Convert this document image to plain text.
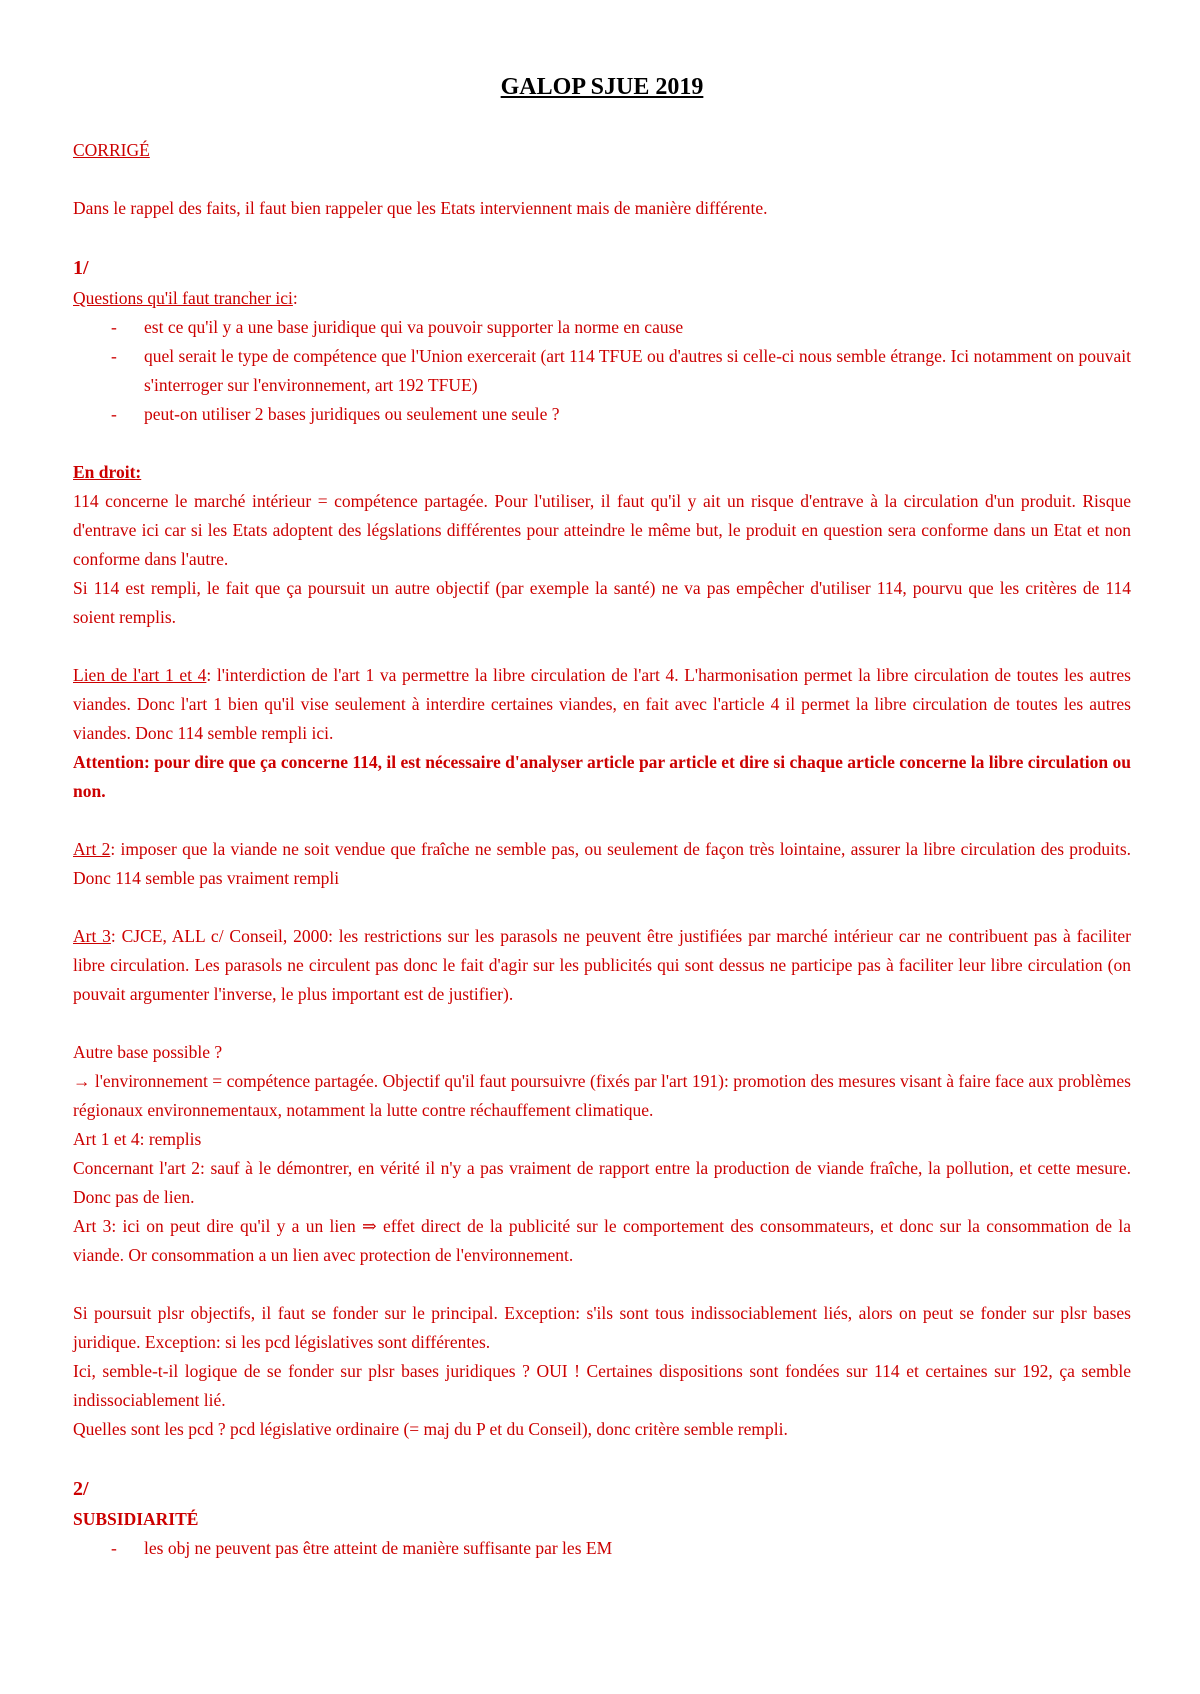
GALOP SJUE 2019

CORRIGÉ

Dans le rappel des faits, il faut bien rappeler que les Etats interviennent mais de manière différente.

1/

Questions qu'il faut trancher ici:

- est ce qu'il y a une base juridique qui va pouvoir supporter la norme en cause
- quel serait le type de compétence que l'Union exercerait (art 114 TFUE ou d'autres si celle-ci nous semble étrange. Ici notamment on pouvait s'interroger sur l'environnement, art 192 TFUE)
- peut-on utiliser 2 bases juridiques ou seulement une seule ?

En droit:

114 concerne le marché intérieur = compétence partagée. Pour l'utiliser, il faut qu'il y ait un risque d'entrave à la circulation d'un produit. Risque d'entrave ici car si les Etats adoptent des légslations différentes pour atteindre le même but, le produit en question sera conforme dans un Etat et non conforme dans l'autre.

Si 114 est rempli, le fait que ça poursuit un autre objectif (par exemple la santé) ne va pas empêcher d'utiliser 114, pourvu que les critères de 114 soient remplis.

Lien de l'art 1 et 4: l'interdiction de l'art 1 va permettre la libre circulation de l'art 4. L'harmonisation permet la libre circulation de toutes les autres viandes. Donc l'art 1 bien qu'il vise seulement à interdire certaines viandes, en fait avec l'article 4 il permet la libre circulation de toutes les autres viandes. Donc 114 semble rempli ici.

Attention: pour dire que ça concerne 114, il est nécessaire d'analyser article par article et dire si chaque article concerne la libre circulation ou non.

Art 2: imposer que la viande ne soit vendue que fraîche ne semble pas, ou seulement de façon très lointaine, assurer la libre circulation des produits. Donc 114 semble pas vraiment rempli

Art 3: CJCE, ALL c/ Conseil, 2000: les restrictions sur les parasols ne peuvent être justifiées par marché intérieur car ne contribuent pas à faciliter libre circulation. Les parasols ne circulent pas donc le fait d'agir sur les publicités qui sont dessus ne participe pas à faciliter leur libre circulation (on pouvait argumenter l'inverse, le plus important est de justifier).

Autre base possible ?

→ l'environnement = compétence partagée. Objectif qu'il faut poursuivre (fixés par l'art 191): promotion des mesures visant à faire face aux problèmes régionaux environnementaux, notamment la lutte contre réchauffement climatique.

Art 1 et 4: remplis

Concernant l'art 2: sauf à le démontrer, en vérité il n'y a pas vraiment de rapport entre la production de viande fraîche, la pollution, et cette mesure. Donc pas de lien.

Art 3: ici on peut dire qu'il y a un lien ⇒ effet direct de la publicité sur le comportement des consommateurs, et donc sur la consommation de la viande. Or consommation a un lien avec protection de l'environnement.

Si poursuit plsr objectifs, il faut se fonder sur le principal. Exception: s'ils sont tous indissociablement liés, alors on peut se fonder sur plsr bases juridique. Exception: si les pcd législatives sont différentes.

Ici, semble-t-il logique de se fonder sur plsr bases juridiques ? OUI ! Certaines dispositions sont fondées sur 114 et certaines sur 192, ça semble indissociablement lié.

Quelles sont les pcd ? pcd législative ordinaire (= maj du P et du Conseil), donc critère semble rempli.

2/

SUBSIDIARITÉ

- les obj ne peuvent pas être atteint de manière suffisante par les EM
